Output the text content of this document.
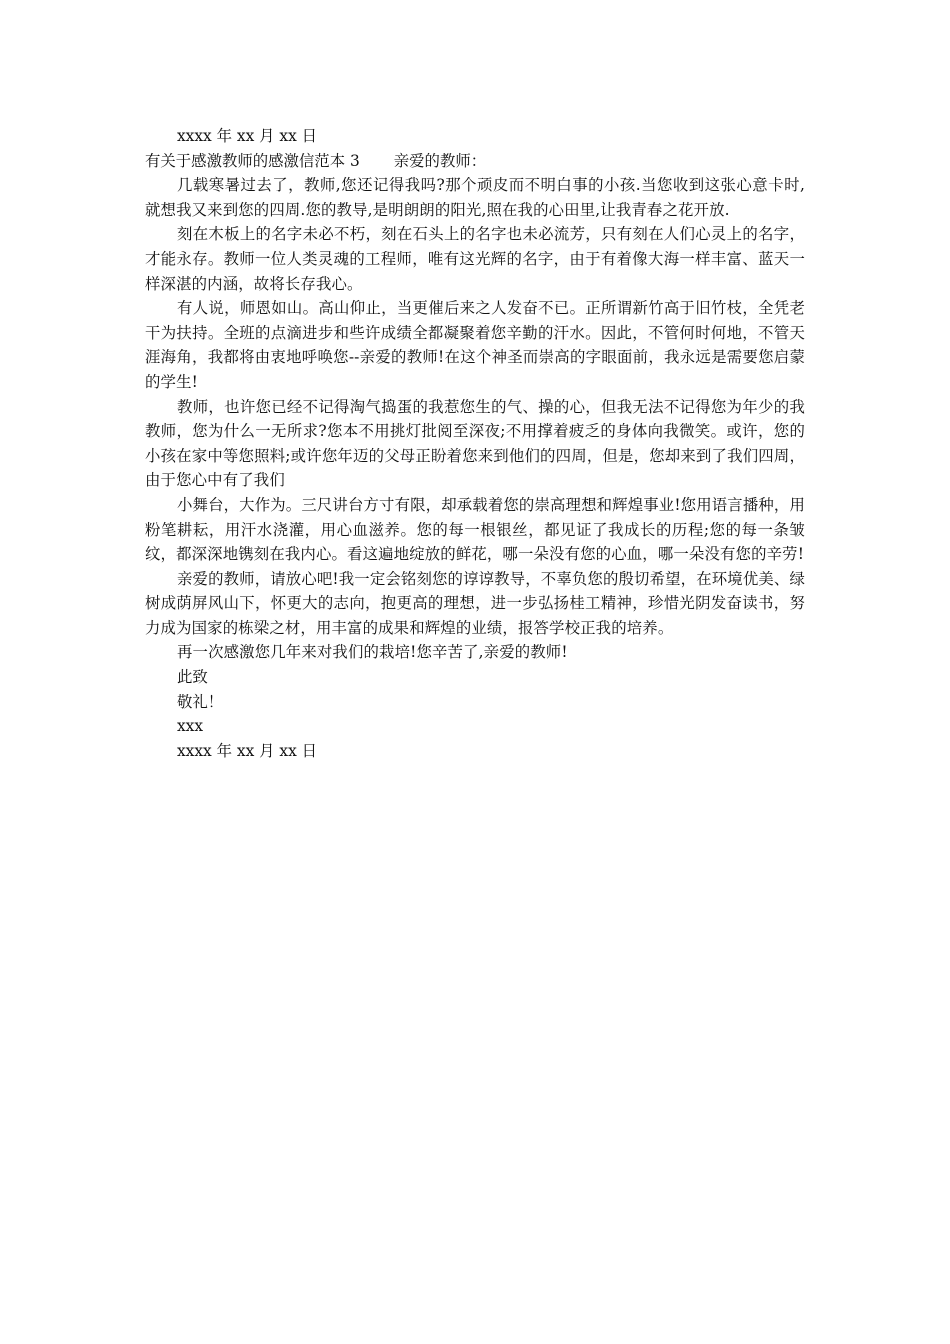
xxxx 年 xx 月 xx 日

有关于感激教师的感激信范本 3 亲爱的教师：

几载寒暑过去了，教师,您还记得我吗?那个顽皮而不明白事的小孩.当您收到这张心意卡时,就想我又来到您的四周.您的教导,是明朗朗的阳光,照在我的心田里,让我青春之花开放.

刻在木板上的名字未必不朽，刻在石头上的名字也未必流芳，只有刻在人们心灵上的名字，才能永存。教师一位人类灵魂的工程师，唯有这光辉的名字，由于有着像大海一样丰富、蓝天一样深湛的内涵，故将长存我心。

有人说，师恩如山。高山仰止，当更催后来之人发奋不已。正所谓新竹高于旧竹枝，全凭老干为扶持。全班的点滴进步和些许成绩全都凝聚着您辛勤的汗水。因此，不管何时何地，不管天涯海角，我都将由衷地呼唤您--亲爱的教师!在这个神圣而崇高的字眼面前，我永远是需要您启蒙的学生!

教师，也许您已经不记得淘气捣蛋的我惹您生的气、操的心，但我无法不记得您为年少的我教师，您为什么一无所求?您本不用挑灯批阅至深夜;不用撑着疲乏的身体向我微笑。或许，您的小孩在家中等您照料;或许您年迈的父母正盼着您来到他们的四周，但是，您却来到了我们四周，由于您心中有了我们

小舞台，大作为。三尺讲台方寸有限，却承载着您的崇高理想和辉煌事业!您用语言播种，用粉笔耕耘，用汗水浇灌，用心血滋养。您的每一根银丝，都见证了我成长的历程;您的每一条皱纹，都深深地镌刻在我内心。看这遍地绽放的鲜花，哪一朵没有您的心血，哪一朵没有您的辛劳!

亲爱的教师，请放心吧!我一定会铭刻您的谆谆教导，不辜负您的殷切希望，在环境优美、绿树成荫屏风山下，怀更大的志向，抱更高的理想，进一步弘扬桂工精神，珍惜光阴发奋读书，努力成为国家的栋梁之材，用丰富的成果和辉煌的业绩，报答学校正我的培养。

再一次感激您几年来对我们的栽培!您辛苦了,亲爱的教师!

此致

敬礼！

xxx

xxxx 年 xx 月 xx 日
